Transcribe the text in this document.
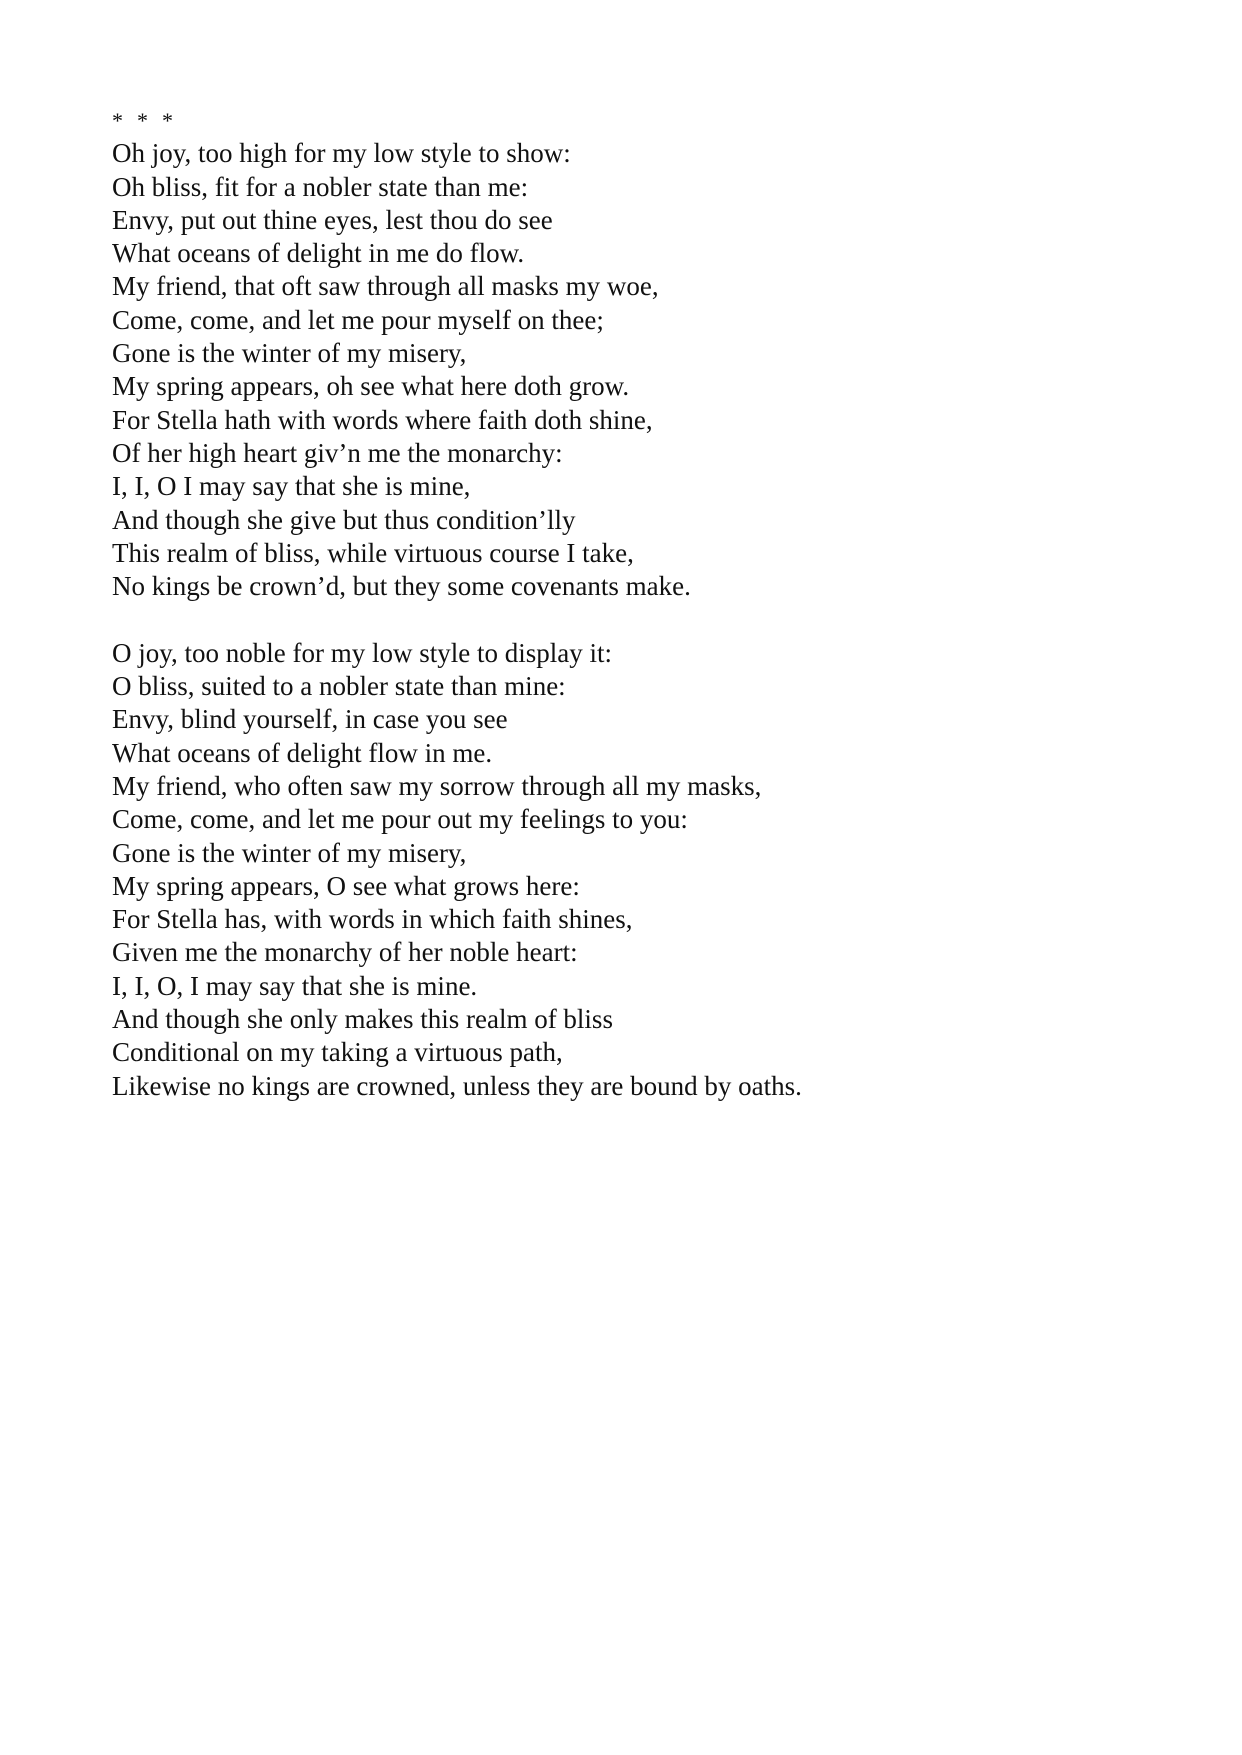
* * *
Oh joy, too high for my low style to show:
Oh bliss, fit for a nobler state than me:
Envy, put out thine eyes, lest thou do see
What oceans of delight in me do flow.
My friend, that oft saw through all masks my woe,
Come, come, and let me pour myself on thee;
Gone is the winter of my misery,
My spring appears, oh see what here doth grow.
For Stella hath with words where faith doth shine,
Of her high heart giv’n me the monarchy:
I, I, O I may say that she is mine,
And though she give but thus condition’lly
This realm of bliss, while virtuous course I take,
No kings be crown’d, but they some covenants make.
O joy, too noble for my low style to display it:
O bliss, suited to a nobler state than mine:
Envy, blind yourself, in case you see
What oceans of delight flow in me.
My friend, who often saw my sorrow through all my masks,
Come, come, and let me pour out my feelings to you:
Gone is the winter of my misery,
My spring appears, O see what grows here:
For Stella has, with words in which faith shines,
Given me the monarchy of her noble heart:
I, I, O, I may say that she is mine.
And though she only makes this realm of bliss
Conditional on my taking a virtuous path,
Likewise no kings are crowned, unless they are bound by oaths.
